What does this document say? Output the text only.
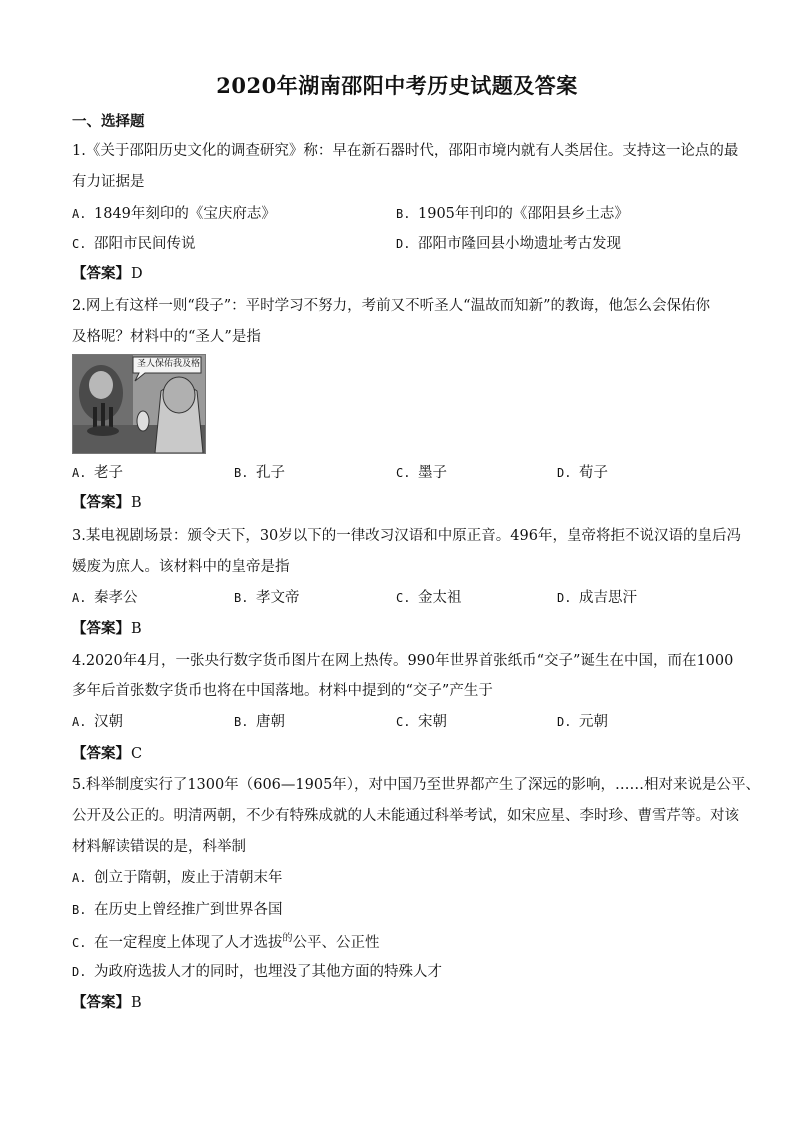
2020年湖南邵阳中考历史试题及答案
一、选择题
1.《关于邵阳历史文化的调查研究》称：早在新石器时代，邵阳市境内就有人类居住。支持这一论点的最
有力证据是
A. 1849年刻印的《宝庆府志》	B. 1905年刊印的《邵阳县乡土志》
C. 邵阳市民间传说	D. 邵阳市隆回县小坳遗址考古发现
【答案】D
2.网上有这样一则“段子”：平时学习不努力，考前又不听圣人“温故而知新”的教诲，他怎么会保佑你
及格呢？材料中的“圣人”是指
圣人保佑我及格
A. 老子	B. 孔子	C. 墨子	D. 荀子
【答案】B
3.某电视剧场景：颁令天下，30岁以下的一律改习汉语和中原正音。496年，皇帝将拒不说汉语的皇后冯
媛废为庶人。该材料中的皇帝是指
A. 秦孝公	B. 孝文帝	C. 金太祖	D. 成吉思汗
【答案】B
4.2020年4月，一张央行数字货币图片在网上热传。990年世界首张纸币“交子”诞生在中国，而在1000
多年后首张数字货币也将在中国落地。材料中提到的“交子”产生于
A. 汉朝	B. 唐朝	C. 宋朝	D. 元朝
【答案】C
5.科举制度实行了1300年（606—1905年），对中国乃至世界都产生了深远的影响，……相对来说是公平、
公开及公正的。明清两朝，不少有特殊成就的人未能通过科举考试，如宋应星、李时珍、曹雪芹等。对该
材料解读错误的是，科举制
A. 创立于隋朝，废止于清朝末年
B. 在历史上曾经推广到世界各国
C. 在一定程度上体现了人才选拔$^的$公平、公正性
D. 为政府选拔人才的同时，也埋没了其他方面的特殊人才
【答案】B
